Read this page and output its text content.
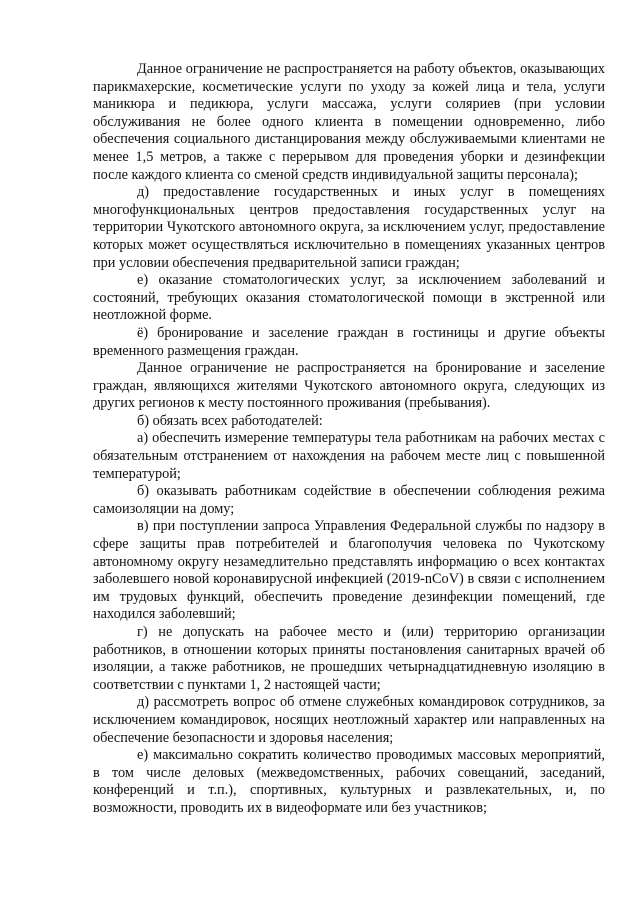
Данное ограничение не распространяется на работу объектов, оказывающих парикмахерские, косметические услуги по уходу за кожей лица и тела, услуги маникюра и педикюра, услуги массажа, услуги соляриев (при условии обслуживания не более одного клиента в помещении одновременно, либо обеспечения социального дистанцирования между обслуживаемыми клиентами не менее 1,5 метров, а также с перерывом для проведения уборки и дезинфекции после каждого клиента со сменой средств индивидуальной защиты персонала);

д) предоставление государственных и иных услуг в помещениях многофункциональных центров предоставления государственных услуг на территории Чукотского автономного округа, за исключением услуг, предоставление которых может осуществляться исключительно в помещениях указанных центров при условии обеспечения предварительной записи граждан;

е) оказание стоматологических услуг, за исключением заболеваний и состояний, требующих оказания стоматологической помощи в экстренной или неотложной форме.

ё) бронирование и заселение граждан в гостиницы и другие объекты временного размещения граждан.

Данное ограничение не распространяется на бронирование и заселение граждан, являющихся жителями Чукотского автономного округа, следующих из других регионов к месту постоянного проживания (пребывания).

б) обязать всех работодателей:

а) обеспечить измерение температуры тела работникам на рабочих местах с обязательным отстранением от нахождения на рабочем месте лиц с повышенной температурой;

б) оказывать работникам содействие в обеспечении соблюдения режима самоизоляции на дому;

в) при поступлении запроса Управления Федеральной службы по надзору в сфере защиты прав потребителей и благополучия человека по Чукотскому автономному округу незамедлительно представлять информацию о всех контактах заболевшего новой коронавирусной инфекцией (2019-nCoV) в связи с исполнением им трудовых функций, обеспечить проведение дезинфекции помещений, где находился заболевший;

г) не допускать на рабочее место и (или) территорию организации работников, в отношении которых приняты постановления санитарных врачей об изоляции, а также работников, не прошедших четырнадцатидневную изоляцию в соответствии с пунктами 1, 2 настоящей части;

д) рассмотреть вопрос об отмене служебных командировок сотрудников, за исключением командировок, носящих неотложный характер или направленных на обеспечение безопасности и здоровья населения;

е) максимально сократить количество проводимых массовых мероприятий, в том числе деловых (межведомственных, рабочих совещаний, заседаний, конференций и т.п.), спортивных, культурных и развлекательных, и, по возможности, проводить их в видеоформате или без участников;
